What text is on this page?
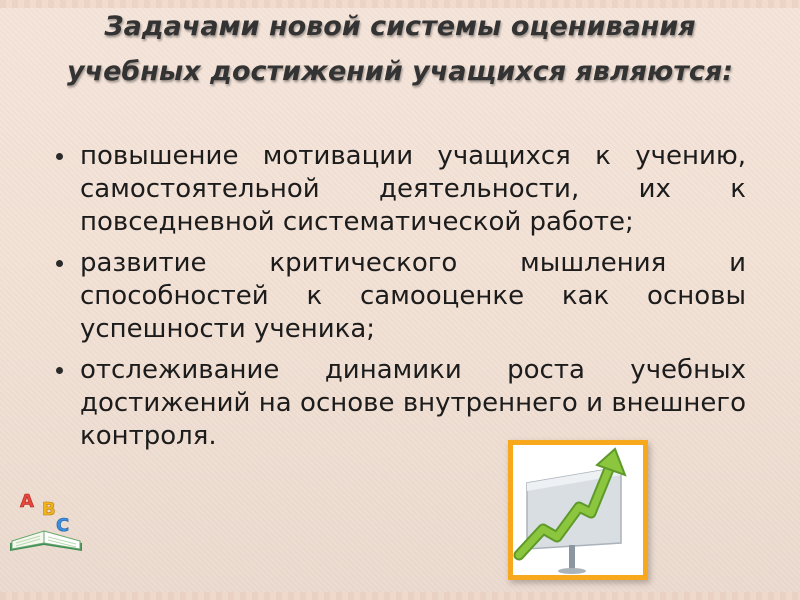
Задачами новой системы оценивания учебных достижений учащихся являются:
повышение мотивации учащихся к учению, самостоятельной деятельности, их к повседневной систематической работе;
развитие критического мышления и способностей к самооценке как основы успешности ученика;
отслеживание динамики роста учебных достижений на основе внутреннего и внешнего контроля.
A B
C
